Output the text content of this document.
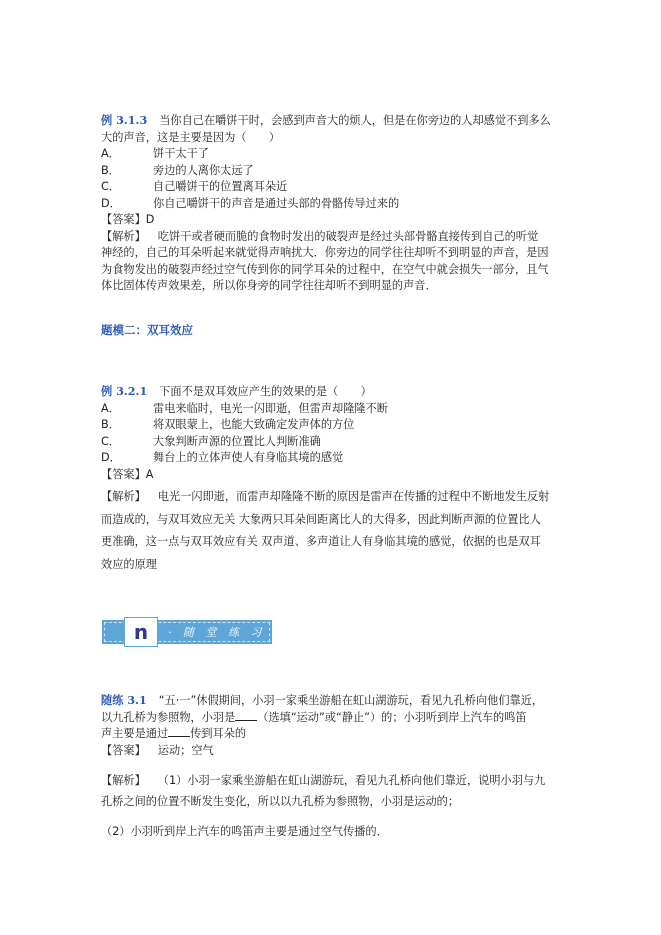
例 3.1.3 当你自己在嚼饼干时，会感到声音大的烦人，但是在你旁边的人却感觉不到多么
大的声音，这是主要是因为（　　）
A．	饼干太干了
B．	旁边的人离你太远了
C．	自己嚼饼干的位置离耳朵近
D．	你自己嚼饼干的声音是通过头部的骨骼传导过来的
【答案】D
【解析】 吃饼干或者硬而脆的食物时发出的破裂声是经过头部骨骼直接传到自己的听觉
神经的，自己的耳朵听起来就觉得声响扰大．你旁边的同学往往却听不到明显的声音，是因
为食物发出的破裂声经过空气传到你的同学耳朵的过程中，在空气中就会损失一部分，且气
体比固体传声效果差，所以你身旁的同学往往却听不到明显的声音．
题模二：双耳效应
例 3.2.1 下面不是双耳效应产生的效果的是（　　）
A．	雷电来临时，电光一闪即逝，但雷声却隆隆不断
B．	将双眼蒙上，也能大致确定发声体的方位
C．	大象判断声源的位置比人判断准确
D．	舞台上的立体声使人有身临其境的感觉
【答案】A
【解析】 电光一闪即逝，而雷声却隆隆不断的原因是雷声在传播的过程中不断地发生反射
而造成的，与双耳效应无关 大象两只耳朵间距离比人的大得多，因此判断声源的位置比人
更准确，这一点与双耳效应有关 双声道、多声道让人有身临其境的感觉，依据的也是双耳
效应的原理
n	· 随 堂 练 习 ·
随练 3.1 “五·一”休假期间，小羽一家乘坐游船在虹山湖游玩，看见九孔桥向他们靠近，
以九孔桥为参照物，小羽是 （选填“运动”或“静止”）的；小羽听到岸上汽车的鸣笛
声主要是通过 传到耳朵的
【答案】 运动；空气
【解析】 （1）小羽一家乘坐游船在虹山湖游玩，看见九孔桥向他们靠近，说明小羽与九
孔桥之间的位置不断发生变化，所以以九孔桥为参照物，小羽是运动的；
（2）小羽听到岸上汽车的鸣笛声主要是通过空气传播的．
